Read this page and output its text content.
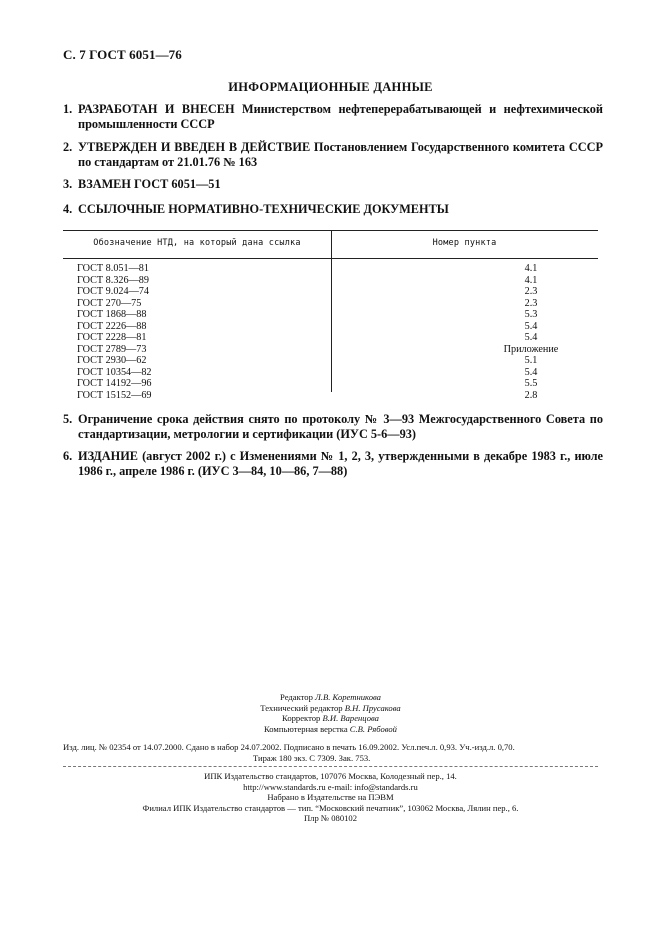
С. 7 ГОСТ 6051—76
ИНФОРМАЦИОННЫЕ ДАННЫЕ
1. РАЗРАБОТАН И ВНЕСЕН Министерством нефтеперерабатывающей и нефтехимической промышленности СССР
2. УТВЕРЖДЕН И ВВЕДЕН В ДЕЙСТВИЕ Постановлением Государственного комитета СССР по стандартам от 21.01.76 № 163
3. ВЗАМЕН ГОСТ 6051—51
4. ССЫЛОЧНЫЕ НОРМАТИВНО-ТЕХНИЧЕСКИЕ ДОКУМЕНТЫ
Обозначение НТД, на который дана ссылка	Номер пункта
ГОСТ 8.051—81	4.1
ГОСТ 8.326—89	4.1
ГОСТ 9.024—74	2.3
ГОСТ 270—75	2.3
ГОСТ 1868—88	5.3
ГОСТ 2226—88	5.4
ГОСТ 2228—81	5.4
ГОСТ 2789—73	Приложение
ГОСТ 2930—62	5.1
ГОСТ 10354—82	5.4
ГОСТ 14192—96	5.5
ГОСТ 15152—69	2.8
5. Ограничение срока действия снято по протоколу № 3—93 Межгосударственного Совета по стандартизации, метрологии и сертификации (ИУС 5-6—93)
6. ИЗДАНИЕ (август 2002 г.) с Изменениями № 1, 2, 3, утвержденными в декабре 1983 г., июле 1986 г., апреле 1986 г. (ИУС 3—84, 10—86, 7—88)
Редактор Л.В. Коретникова
Технический редактор В.Н. Прусакова
Корректор В.И. Варенцова
Компьютерная верстка С.В. Рябовой
Изд. лиц. № 02354 от 14.07.2000. Сдано в набор 24.07.2002. Подписано в печать 16.09.2002. Усл.печ.л. 0,93. Уч.-изд.л. 0,70.
Тираж 180 экз. С 7309. Зак. 753.
ИПК Издательство стандартов, 107076 Москва, Колодезный пер., 14.
http://www.standards.ru e-mail: info@standards.ru
Набрано в Издательстве на ПЭВМ
Филиал ИПК Издательство стандартов — тип. “Московский печатник”, 103062 Москва, Лялин пер., 6.
Плр № 080102
